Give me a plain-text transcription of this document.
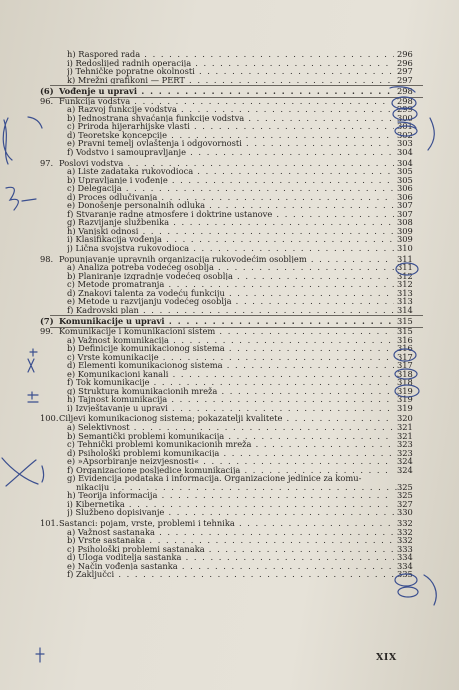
h) Raspored rada . . .	296
i) Redoslijed radnih operacija . . .	296
j) Tehničke popratne okolnosti . . .	297
k) Mrežni grafikoni — PERT . . .	297
(6) Vođenje u upravi . . .	298
96. Funkcija vodstva . . .	298
a) Razvoj funkcije vodstva . . .	299
b) Jednostrana shvaćanja funkcije vodstva . . .	300
c) Priroda hijerarhijske vlasti . . .	301
d) Teoretske koncepcije . . .	302
e) Pravni temelj ovlaštenja i odgovornosti . . .	303
f) Vodstvo i samoupravljanje . . .	304
97. Poslovi vodstva . . .	304
a) Liste zadataka rukovodioca . . .	305
b) Upravljanje i vođenje . . .	305
c) Delegacija . . .	306
d) Proces odlučivanja . . .	306
e) Donošenje personalnih odluka . . .	307
f) Stvaranje radne atmosfere i doktrine ustanove . . .	307
g) Razvijanje službenika . . .	308
h) Vanjski odnosi . . .	309
i) Klasifikacija vođenja . . .	309
j) Lična svojstva rukovodioca . . .	310
98. Popunjavanje upravnih organizacija rukovodećim osobljem . . .	311
a) Analiza potreba vodećeg osoblja . . .	311
b) Planiranje izgradnje vodećeg osoblja . . .	312
c) Metode promatranja . . .	312
d) Znakovi talenta za vodeću funkciju . . .	313
e) Metode u razvijanju vodećeg osoblja . . .	313
f) Kadrovski plan . . .	314
(7) Komunikacije u upravi . . .	315
99. Komunikacije i komunikacioni sistem . . .	315
a) Važnost komunikacija . . .	316
b) Definicije komunikacionog sistema . . .	316
c) Vrste komunikacije . . .	317
d) Elementi komunikacionog sistema . . .	317
e) Komunikacioni kanali . . .	318
f) Tok komunikacije . . .	318
g) Struktura komunikacionih mreža . . .	319
h) Tajnost komunikacija . . .	319
i) Izvještavanje u upravi . . .	319
100. Ciljevi komunikacionog sistema; pokazatelji kvalitete . . .	320
a) Selektivnost . . .	321
b) Semantički problemi komunikacija . . .	321
c) Tehnički problemi komunikacionih mreža . . .	323
d) Psihološki problemi komunikacija . . .	323
e) »Apsorbiranje neizvjesnosti« . . .	324
f) Organizacione posljedice komunikacija . . .	324
g) Evidencija podataka i informacija. Organizacione jedinice za komu-
nikaciju . . .	325
h) Teorija informacija . . .	325
i) Kibernetika . . .	327
j) Službeno dopisivanje . . .	330
101. Sastanci: pojam, vrste, problemi i tehnika . . .	332
a) Važnost sastanaka . . .	332
b) Vrste sastanaka . . .	332
c) Psihološki problemi sastanaka . . .	333
d) Uloga voditelja sastanka . . .	334
e) Način vođenja sastanka . . .	334
f) Zaključci . . .	335
XIX
